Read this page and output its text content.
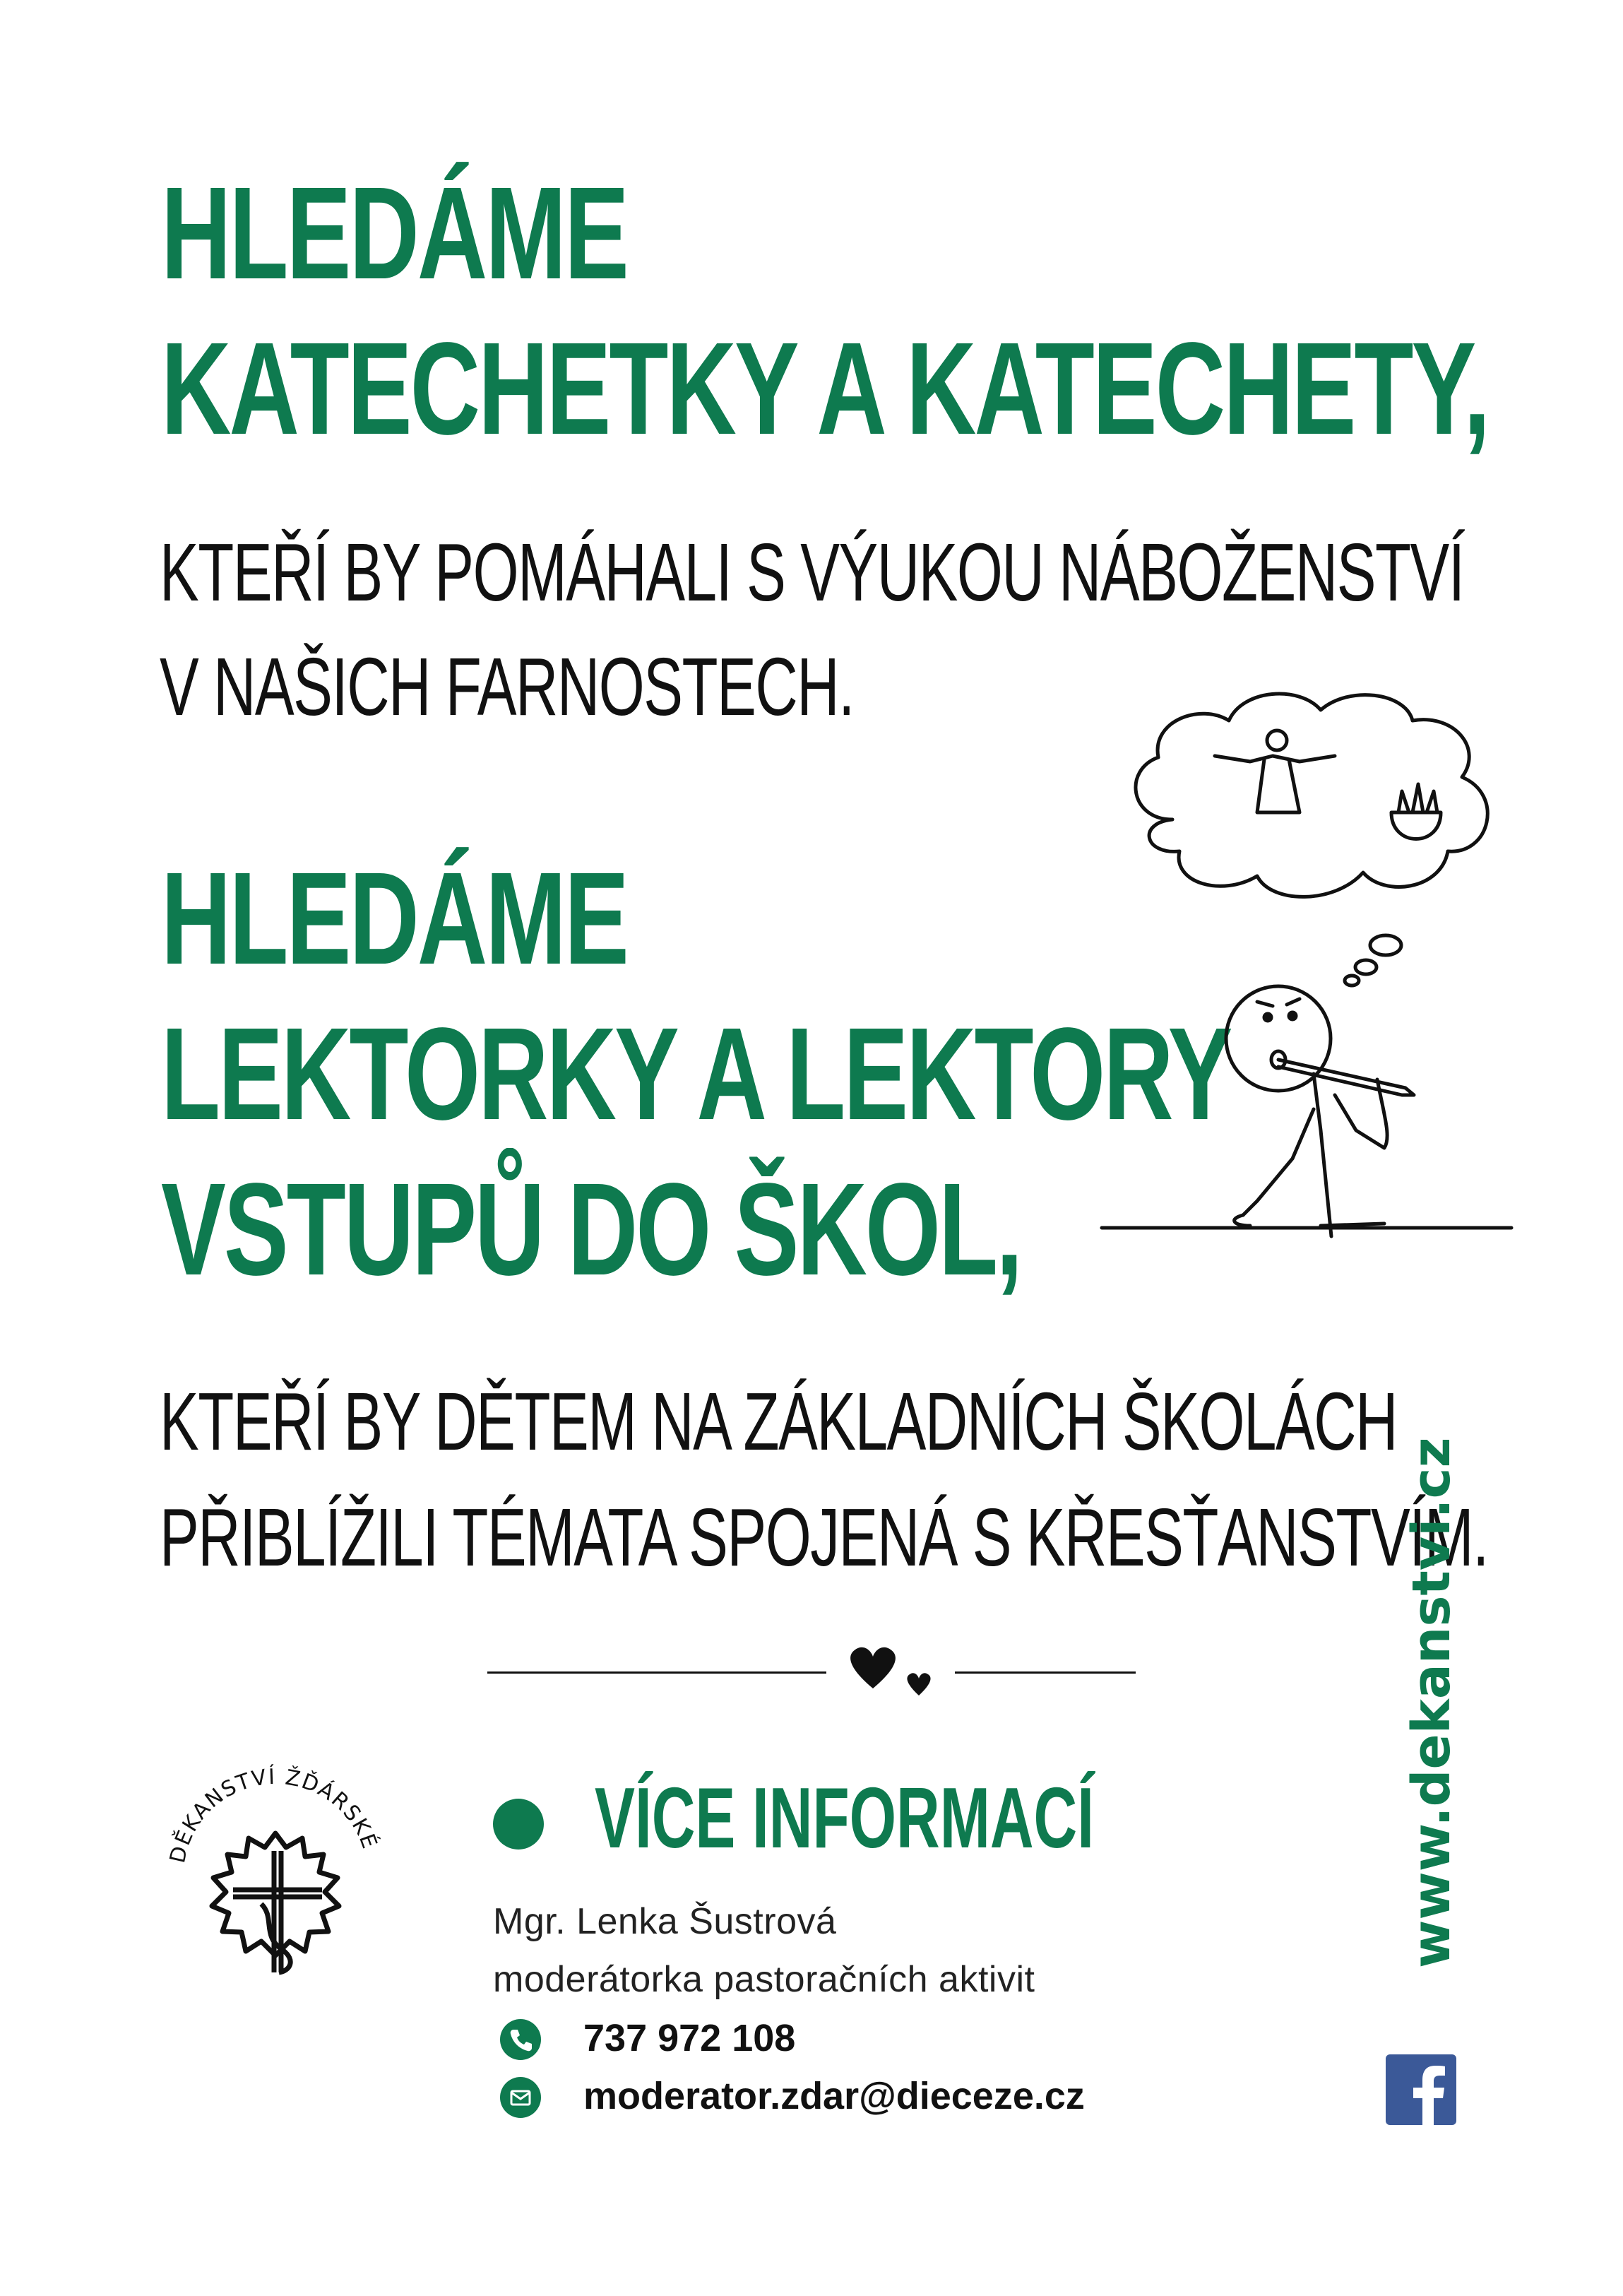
HLEDÁME
KATECHETKY A KATECHETY,
KTEŘÍ BY POMÁHALI S VÝUKOU NÁBOŽENSTVÍ
V NAŠICH FARNOSTECH.
HLEDÁME
LEKTORKY A LEKTORY
VSTUPŮ DO ŠKOL,
KTEŘÍ BY DĚTEM NA ZÁKLADNÍCH ŠKOLÁCH
PŘIBLÍŽILI TÉMATA SPOJENÁ S KŘESŤANSTVÍM.
DĚKANSTVÍ ŽĎÁRSKÉ VÍCE INFORMACÍ
Mgr. Lenka Šustrová
moderátorka pastoračních aktivit
737 972 108
moderator.zdar@dieceze.cz
www.dekanstvi.cz
